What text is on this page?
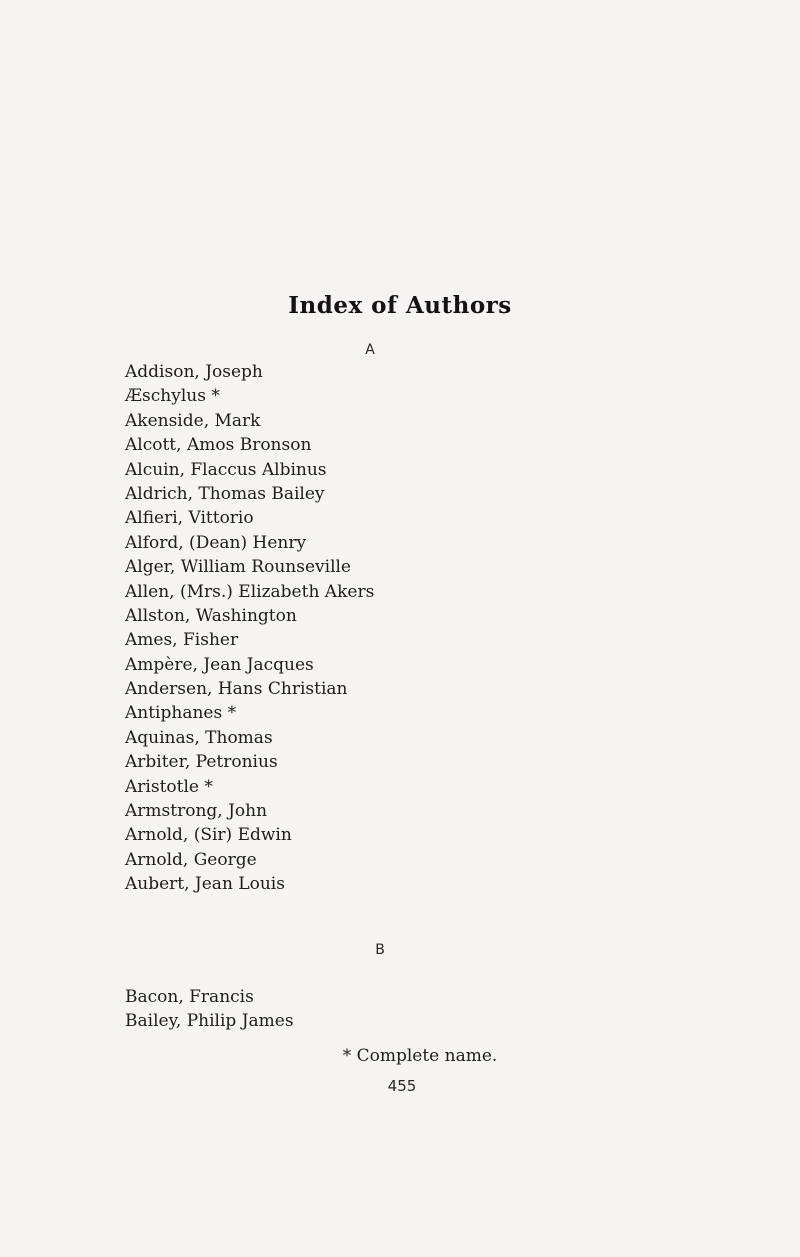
Index of Authors
A
Addison, Joseph
Æschylus *
Akenside, Mark
Alcott, Amos Bronson
Alcuin, Flaccus Albinus
Aldrich, Thomas Bailey
Alfieri, Vittorio
Alford, (Dean) Henry
Alger, William Rounseville
Allen, (Mrs.) Elizabeth Akers
Allston, Washington
Ames, Fisher
Ampère, Jean Jacques
Andersen, Hans Christian
Antiphanes *
Aquinas, Thomas
Arbiter, Petronius
Aristotle *
Armstrong, John
Arnold, (Sir) Edwin
Arnold, George
Aubert, Jean Louis
B
Bacon, Francis
Bailey, Philip James
* Complete name.
455
